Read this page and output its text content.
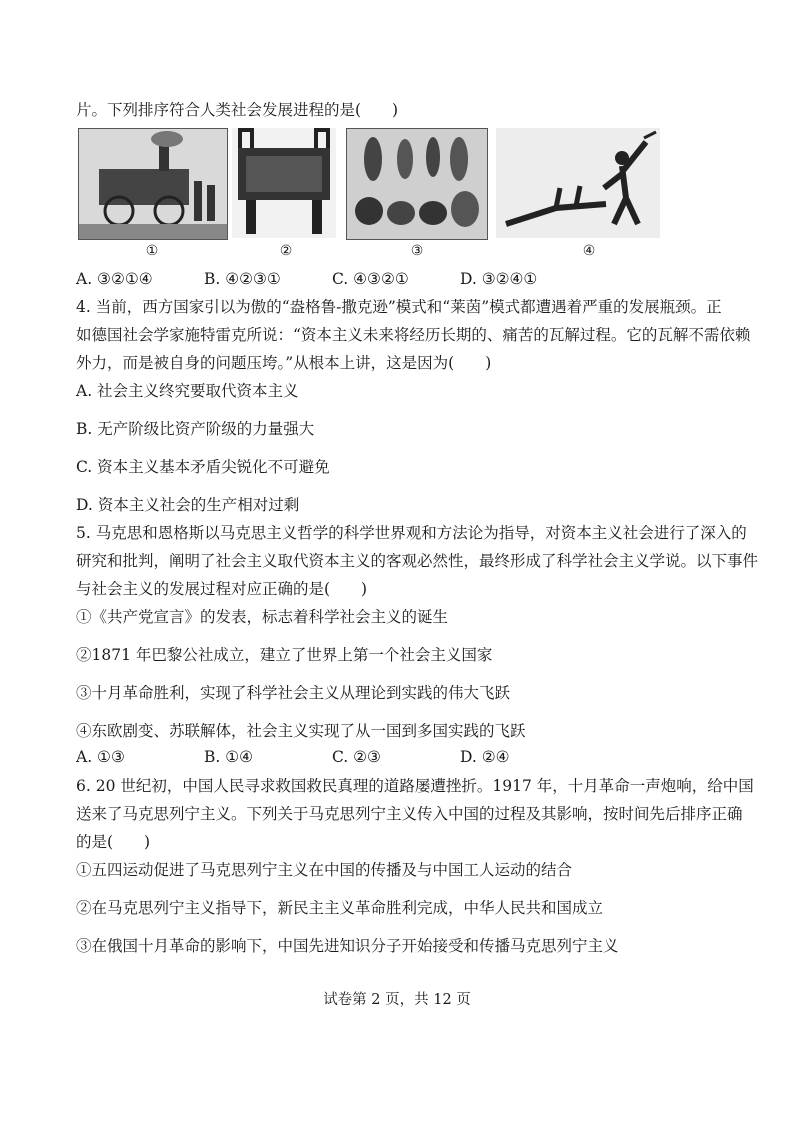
片。下列排序符合人类社会发展进程的是(　　)
①	②	③	④
A. ③②①④	B. ④②③①	C. ④③②①	D. ③②④①
4. 当前，西方国家引以为傲的“盎格鲁-撒克逊”模式和“莱茵”模式都遭遇着严重的发展瓶颈。正
如德国社会学家施特雷克所说：“资本主义未来将经历长期的、痛苦的瓦解过程。它的瓦解不需依赖
外力，而是被自身的问题压垮。”从根本上讲，这是因为(　　)
A. 社会主义终究要取代资本主义
B. 无产阶级比资产阶级的力量强大
C. 资本主义基本矛盾尖锐化不可避免
D. 资本主义社会的生产相对过剩
5. 马克思和恩格斯以马克思主义哲学的科学世界观和方法论为指导，对资本主义社会进行了深入的
研究和批判，阐明了社会主义取代资本主义的客观必然性，最终形成了科学社会主义学说。以下事件
与社会主义的发展过程对应正确的是(　　)
①《共产党宣言》的发表，标志着科学社会主义的诞生
②1871 年巴黎公社成立，建立了世界上第一个社会主义国家
③十月革命胜利，实现了科学社会主义从理论到实践的伟大飞跃
④东欧剧变、苏联解体，社会主义实现了从一国到多国实践的飞跃
A. ①③	B. ①④	C. ②③	D. ②④
6. 20 世纪初，中国人民寻求救国救民真理的道路屡遭挫折。1917 年，十月革命一声炮响，给中国
送来了马克思列宁主义。下列关于马克思列宁主义传入中国的过程及其影响，按时间先后排序正确
的是(　　)
①五四运动促进了马克思列宁主义在中国的传播及与中国工人运动的结合
②在马克思列宁主义指导下，新民主主义革命胜利完成，中华人民共和国成立
③在俄国十月革命的影响下，中国先进知识分子开始接受和传播马克思列宁主义
试卷第 2 页，共 12 页
